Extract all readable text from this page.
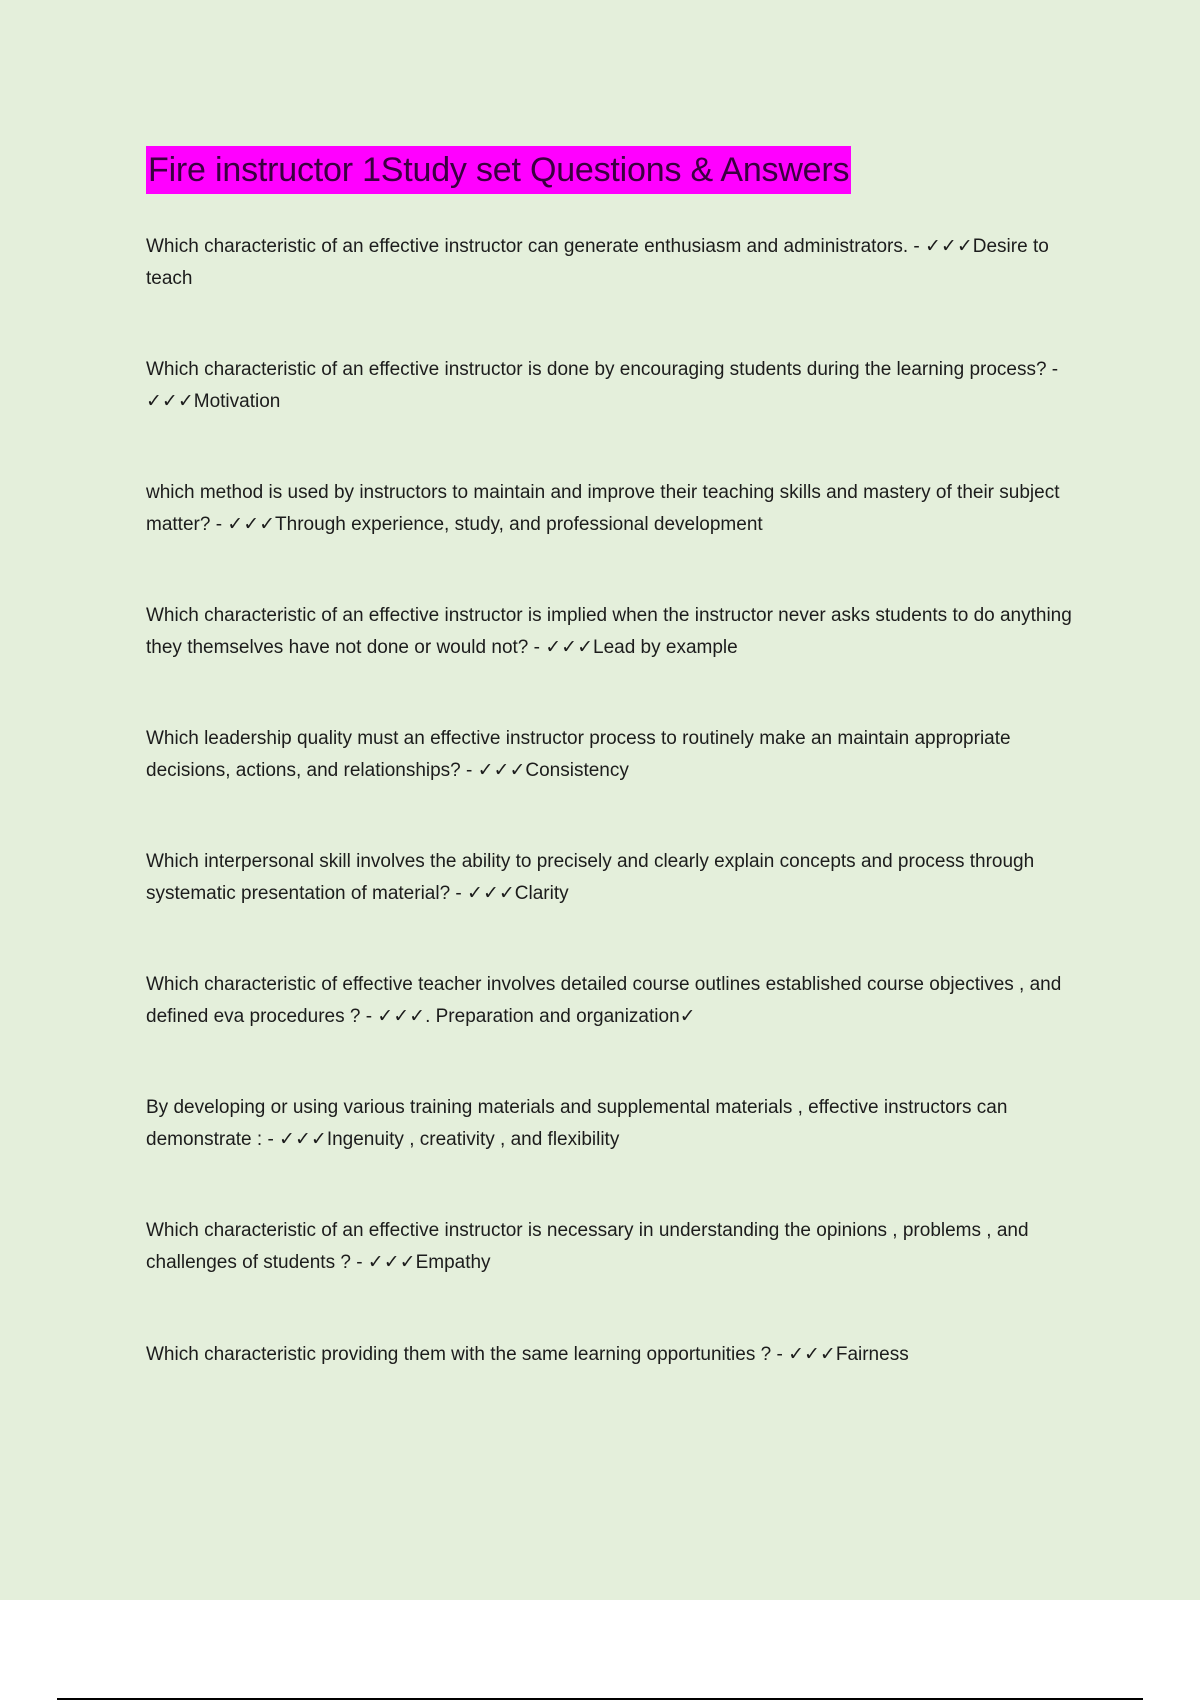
Fire instructor 1Study set Questions & Answers

Which characteristic of an effective instructor can generate enthusiasm and administrators. - ✓✓✓Desire to teach

Which characteristic of an effective instructor is done by encouraging students during the learning process? - ✓✓✓Motivation

which method is used by instructors to maintain and improve their teaching skills and mastery of their subject matter? - ✓✓✓Through experience, study, and professional development

Which characteristic of an effective instructor is implied when the instructor never asks students to do anything they themselves have not done or would not? - ✓✓✓Lead by example

Which leadership quality must an effective instructor process to routinely make an maintain appropriate decisions, actions, and relationships? - ✓✓✓Consistency

Which interpersonal skill involves the ability to precisely and clearly explain concepts and process through systematic presentation of material? - ✓✓✓Clarity

Which characteristic of effective teacher involves detailed course outlines established course objectives , and defined eva procedures ? - ✓✓✓. Preparation and organization✓

By developing or using various training materials and supplemental materials , effective instructors can demonstrate : - ✓✓✓Ingenuity , creativity , and flexibility

Which characteristic of an effective instructor is necessary in understanding the opinions , problems , and challenges of students ? - ✓✓✓Empathy

Which characteristic providing them with the same learning opportunities ? - ✓✓✓Fairness
